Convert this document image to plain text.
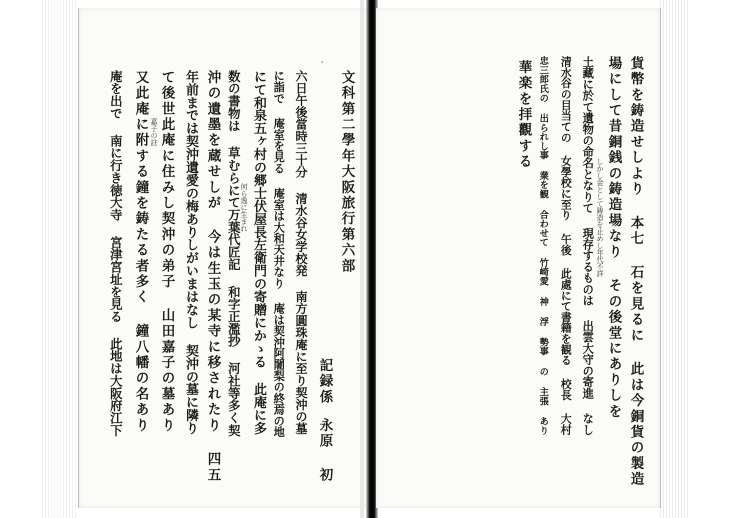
文科第二學年大阪旅行第六部
記録係
永原 初
'
六日午後當時三十分 清水谷女学校発 南方圓珠庵に至り契沖の墓
に詣で 庵室を見る 庵室は大和天井なり 庵は契沖阿闍梨の終焉の地
にて和泉五ヶ村の郷士伏屋長左衛門の寄贈にかゝる 此庵に多
何ら逸に生まれ
数の書物は 草むらにて万葉代匠記 和字正濫抄 河社等多く契
沖の遺墨を蔵せしが 今は生玉の某寺に移されたり 四五
年前までは契沖遺愛の梅ありしがいまはなし 契沖の墓に隣り
て後世此庵に住みし契沖の弟子 山田嘉子の墓あり
嘉子の註
又此庵に附する鐘を鋳たる者多く 鐘八幡の名あり
庵を出で 南に行き徳大寺 宮津宮址を見る 此地は大阪府江下	貨幣を鋳造せしより 本七 石を見るに 此は今銅貨の製造
場にして昔銅銭の鋳造場なり その後堂にありしを
しかし金として鋳造を止めし年代不詳
土藏に於て遺物の命名となりて 現存するものは 出雲大守の寄進 なし
清水谷の目当ての 女學校に至り 午後 此處にて書籍を観る 校長 大村
忠三郎氏の 出られし事 業を観 合わせて 竹崎愛 神 浮 勢事 の 主張 あり
華楽を拝觀する
